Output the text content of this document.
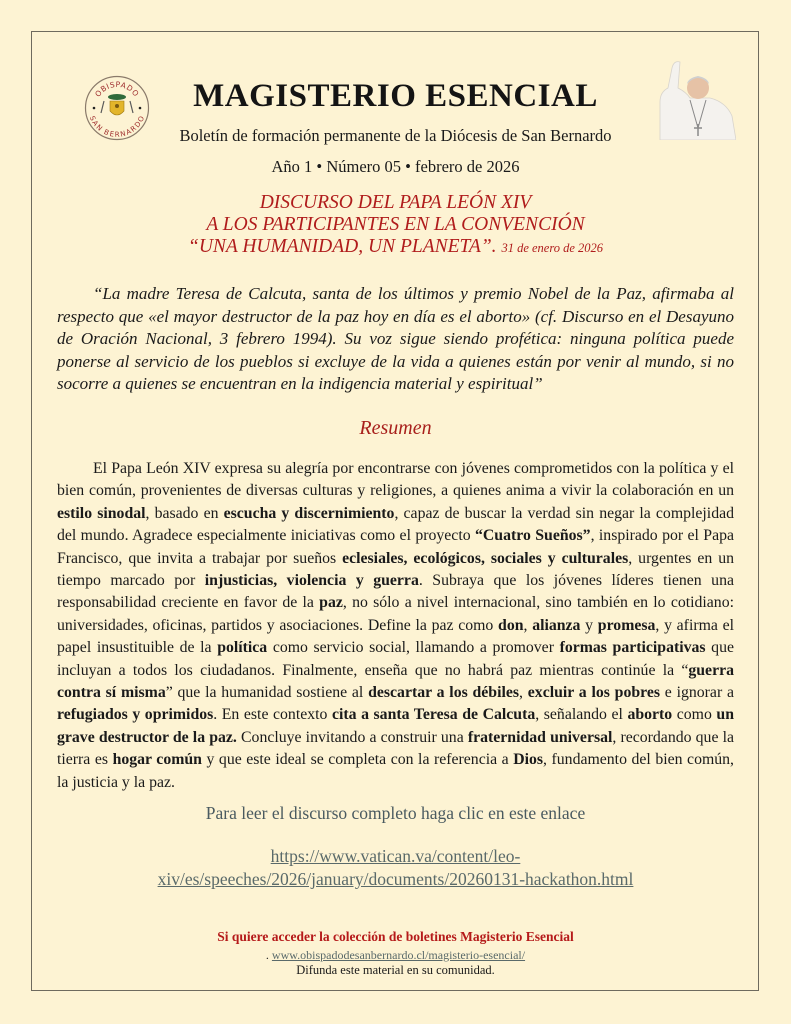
OBISPADO
SAN BERNARDO
MAGISTERIO ESENCIAL
Boletín de formación permanente de la Diócesis de San Bernardo
Año 1 • Número 05 • febrero de 2026
DISCURSO DEL PAPA LEÓN XIV
A LOS PARTICIPANTES EN LA CONVENCIÓN
“UNA HUMANIDAD, UN PLANETA”. 31 de enero de 2026
“La madre Teresa de Calcuta, santa de los últimos y premio Nobel de la Paz, afirmaba al respecto que «el mayor destructor de la paz hoy en día es el aborto» (cf. Discurso en el Desayuno de Oración Nacional, 3 febrero 1994). Su voz sigue siendo profética: ninguna política puede ponerse al servicio de los pueblos si excluye de la vida a quienes están por venir al mundo, si no socorre a quienes se encuentran en la indigencia material y espiritual”
Resumen
El Papa León XIV expresa su alegría por encontrarse con jóvenes comprometidos con la política y el bien común, provenientes de diversas culturas y religiones, a quienes anima a vivir la colaboración en un estilo sinodal, basado en escucha y discernimiento, capaz de buscar la verdad sin negar la complejidad del mundo. Agradece especialmente iniciativas como el proyecto “Cuatro Sueños”, inspirado por el Papa Francisco, que invita a trabajar por sueños eclesiales, ecológicos, sociales y culturales, urgentes en un tiempo marcado por injusticias, violencia y guerra. Subraya que los jóvenes líderes tienen una responsabilidad creciente en favor de la paz, no sólo a nivel internacional, sino también en lo cotidiano: universidades, oficinas, partidos y asociaciones. Define la paz como don, alianza y promesa, y afirma el papel insustituible de la política como servicio social, llamando a promover formas participativas que incluyan a todos los ciudadanos. Finalmente, enseña que no habrá paz mientras continúe la “guerra contra sí misma” que la humanidad sostiene al descartar a los débiles, excluir a los pobres e ignorar a refugiados y oprimidos. En este contexto cita a santa Teresa de Calcuta, señalando el aborto como un grave destructor de la paz. Concluye invitando a construir una fraternidad universal, recordando que la tierra es hogar común y que este ideal se completa con la referencia a Dios, fundamento del bien común, la justicia y la paz.
Para leer el discurso completo haga clic en este enlace
https://www.vatican.va/content/leo-xiv/es/speeches/2026/january/documents/20260131-hackathon.html
Si quiere acceder la colección de boletines Magisterio Esencial
. www.obispadodesanbernardo.cl/magisterio-esencial/
Difunda este material en su comunidad.
